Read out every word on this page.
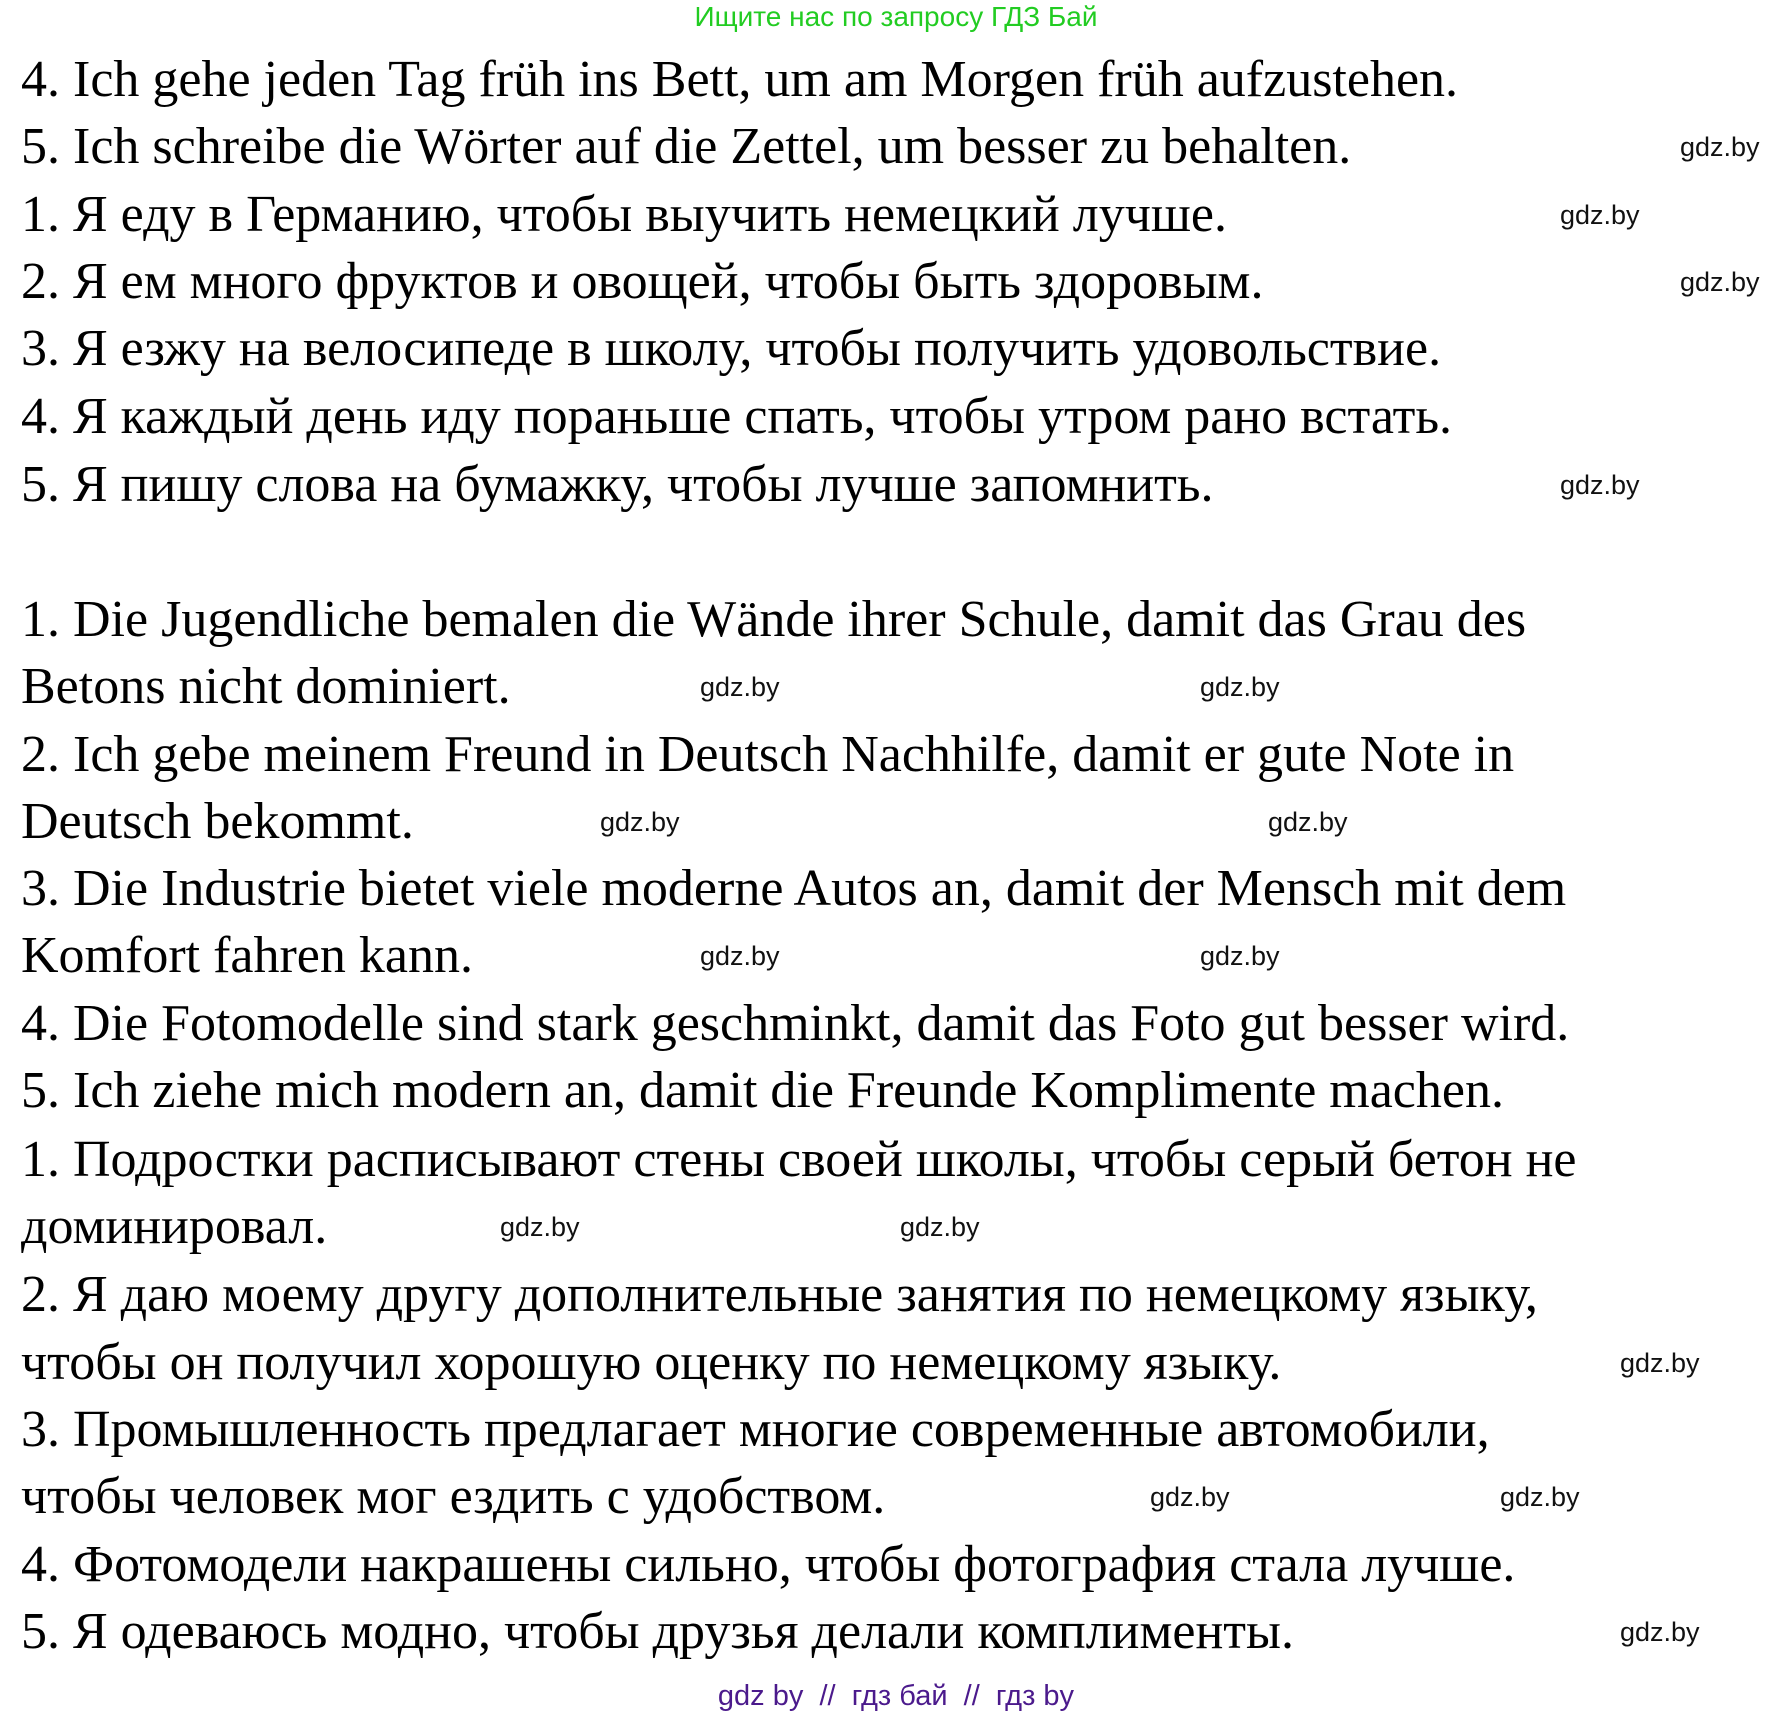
Ищите нас по запросу ГДЗ Бай
4. Ich gehe jeden Tag früh ins Bett, um am Morgen früh aufzustehen.
5. Ich schreibe die Wörter auf die Zettel, um besser zu behalten.
1. Я еду в Германию, чтобы выучить немецкий лучше.
2. Я ем много фруктов и овощей, чтобы быть здоровым.
3. Я езжу на велосипеде в школу, чтобы получить удовольствие.
4. Я каждый день иду пораньше спать, чтобы утром рано встать.
5. Я пишу слова на бумажку, чтобы лучше запомнить.
1. Die Jugendliche bemalen die Wände ihrer Schule, damit das Grau des
Betons nicht dominiert.
2. Ich gebe meinem Freund in Deutsch Nachhilfe, damit er gute Note in
Deutsch bekommt.
3. Die Industrie bietet viele moderne Autos an, damit der Mensch mit dem
Komfort fahren kann.
4. Die Fotomodelle sind stark geschminkt, damit das Foto gut besser wird.
5. Ich ziehe mich modern an, damit die Freunde Komplimente machen.
1. Подростки расписывают стены своей школы, чтобы серый бетон не
доминировал.
2. Я даю моему другу дополнительные занятия по немецкому языку,
чтобы он получил хорошую оценку по немецкому языку.
3. Промышленность предлагает многие современные автомобили,
чтобы человек мог ездить с удобством.
4. Фотомодели накрашены сильно, чтобы фотография стала лучше.
5. Я одеваюсь модно, чтобы друзья делали комплименты.
gdz.by
gdz.by
gdz.by
gdz.by
gdz.by
gdz.by
gdz.by
gdz.by
gdz.by	gdz.by
gdz.by
gdz.by
gdz.by
gdz.by
gdz.by
gdz.by
gdz by  //  гдз бай  //  гдз by
